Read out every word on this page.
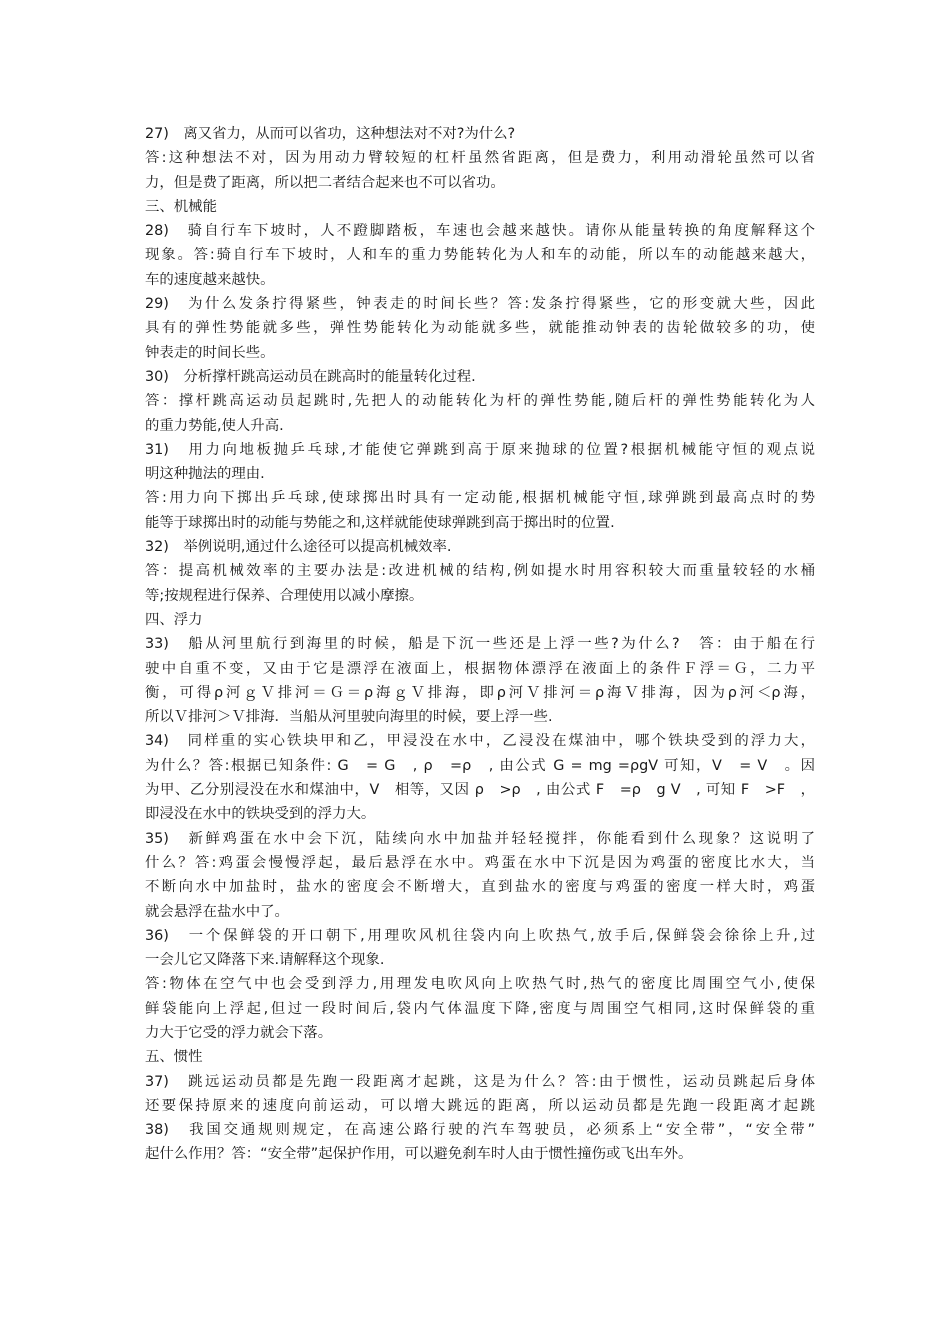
27)　离又省力，从而可以省功，这种想法对不对?为什么?
答:这种想法不对，因为用动力臂较短的杠杆虽然省距离，但是费力，利用动滑轮虽然可以省
力，但是费了距离，所以把二者结合起来也不可以省功。
三、机械能
28)　骑自行车下坡时，人不蹬脚踏板，车速也会越来越快。请你从能量转换的角度解释这个
现象。答:骑自行车下坡时，人和车的重力势能转化为人和车的动能，所以车的动能越来越大，
车的速度越来越快。
29)　为什么发条拧得紧些，钟表走的时间长些？答:发条拧得紧些，它的形变就大些，因此
具有的弹性势能就多些，弹性势能转化为动能就多些，就能推动钟表的齿轮做较多的功，使
钟表走的时间长些。
30)　分析撑杆跳高运动员在跳高时的能量转化过程.
答：撑杆跳高运动员起跳时,先把人的动能转化为杆的弹性势能,随后杆的弹性势能转化为人
的重力势能,使人升高.
31)　用力向地板抛乒乓球,才能使它弹跳到高于原来抛球的位置?根据机械能守恒的观点说
明这种抛法的理由.
答:用力向下掷出乒乓球,使球掷出时具有一定动能,根据机械能守恒,球弹跳到最高点时的势
能等于球掷出时的动能与势能之和,这样就能使球弹跳到高于掷出时的位置.
32)　举例说明,通过什么途径可以提高机械效率.
答：提高机械效率的主要办法是:改进机械的结构,例如提水时用容积较大而重量较轻的水桶
等;按规程进行保养、合理使用以减小摩擦。
四、浮力
33)　船从河里航行到海里的时候，船是下沉一些还是上浮一些?为什么?　答：由于船在行
驶中自重不变，又由于它是漂浮在液面上，根据物体漂浮在液面上的条件Ｆ浮＝Ｇ，二力平
衡，可得ρ河ｇＶ排河＝Ｇ＝ρ海ｇＶ排海，即ρ河Ｖ排河＝ρ海Ｖ排海，因为ρ河＜ρ海，
所以Ｖ排河＞Ｖ排海．当船从河里驶向海里的时候，要上浮一些.
34)　同样重的实心铁块甲和乙，甲浸没在水中，乙浸没在煤油中，哪个铁块受到的浮力大，
为什么？答:根据已知条件: G　= G　, ρ　=ρ　, 由公式 G = mg =ρgV 可知，V　= V　。因
为甲、乙分别浸没在水和煤油中，V　相等，又因 ρ　>ρ　, 由公式 F　=ρ　g V　, 可知 F　>F　，
即浸没在水中的铁块受到的浮力大。
35)　新鲜鸡蛋在水中会下沉，陆续向水中加盐并轻轻搅拌，你能看到什么现象？这说明了
什么？答:鸡蛋会慢慢浮起，最后悬浮在水中。鸡蛋在水中下沉是因为鸡蛋的密度比水大，当
不断向水中加盐时，盐水的密度会不断增大，直到盐水的密度与鸡蛋的密度一样大时，鸡蛋
就会悬浮在盐水中了。
36)　一个保鲜袋的开口朝下,用理吹风机往袋内向上吹热气,放手后,保鲜袋会徐徐上升,过
一会儿它又降落下来.请解释这个现象.
答:物体在空气中也会受到浮力,用理发电吹风向上吹热气时,热气的密度比周围空气小,使保
鲜袋能向上浮起,但过一段时间后,袋内气体温度下降,密度与周围空气相同,这时保鲜袋的重
力大于它受的浮力就会下落。
五、惯性
37)　跳远运动员都是先跑一段距离才起跳，这是为什么？答:由于惯性，运动员跳起后身体
还要保持原来的速度向前运动，可以增大跳远的距离，所以运动员都是先跑一段距离才起跳
38)　我国交通规则规定，在高速公路行驶的汽车驾驶员，必须系上“安全带”，“安全带”
起什么作用？答：“安全带”起保护作用，可以避免刹车时人由于惯性撞伤或飞出车外。
